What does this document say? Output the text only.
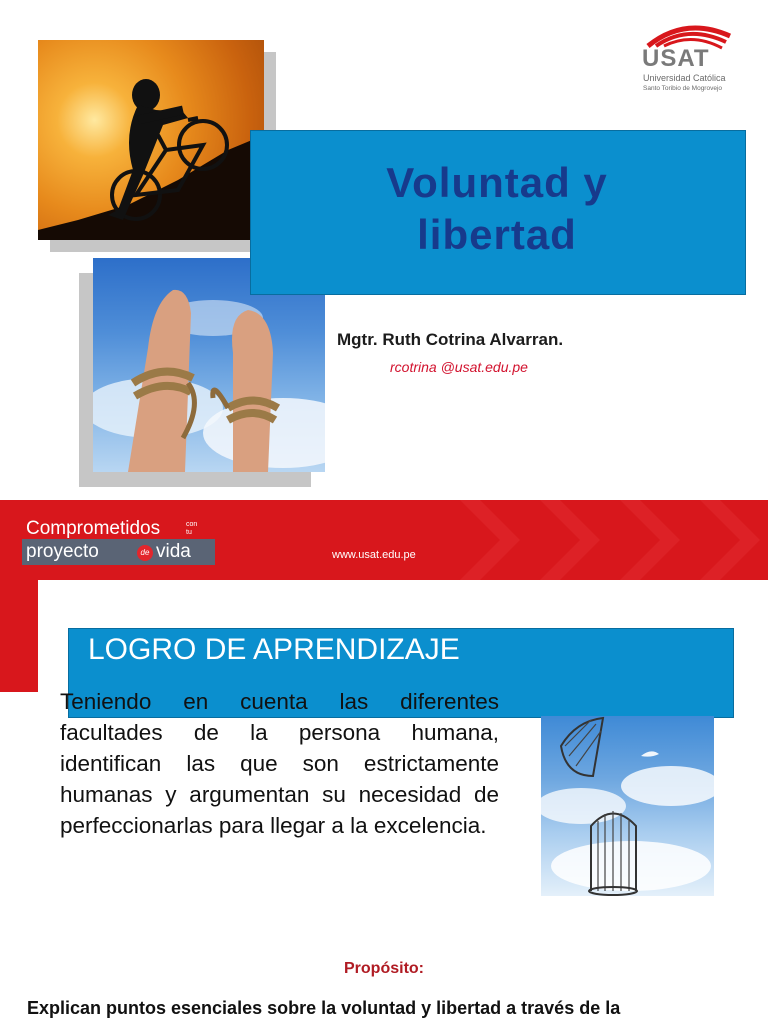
Voluntad y
libertad
Mgtr. Ruth Cotrina Alvarran.
rcotrina @usat.edu.pe
USAT
Universidad Católica
Santo Toribio de Mogrovejo
Comprometidos	con tu
proyecto	de vida	www.usat.edu.pe
LOGRO DE APRENDIZAJE
Teniendo en cuenta las diferentes facultades de la persona humana, identifican las que son estrictamente humanas y argumentan su necesidad de perfeccionarlas para llegar a la excelencia.
Propósito:
Explican puntos esenciales sobre la voluntad y libertad a través de la
